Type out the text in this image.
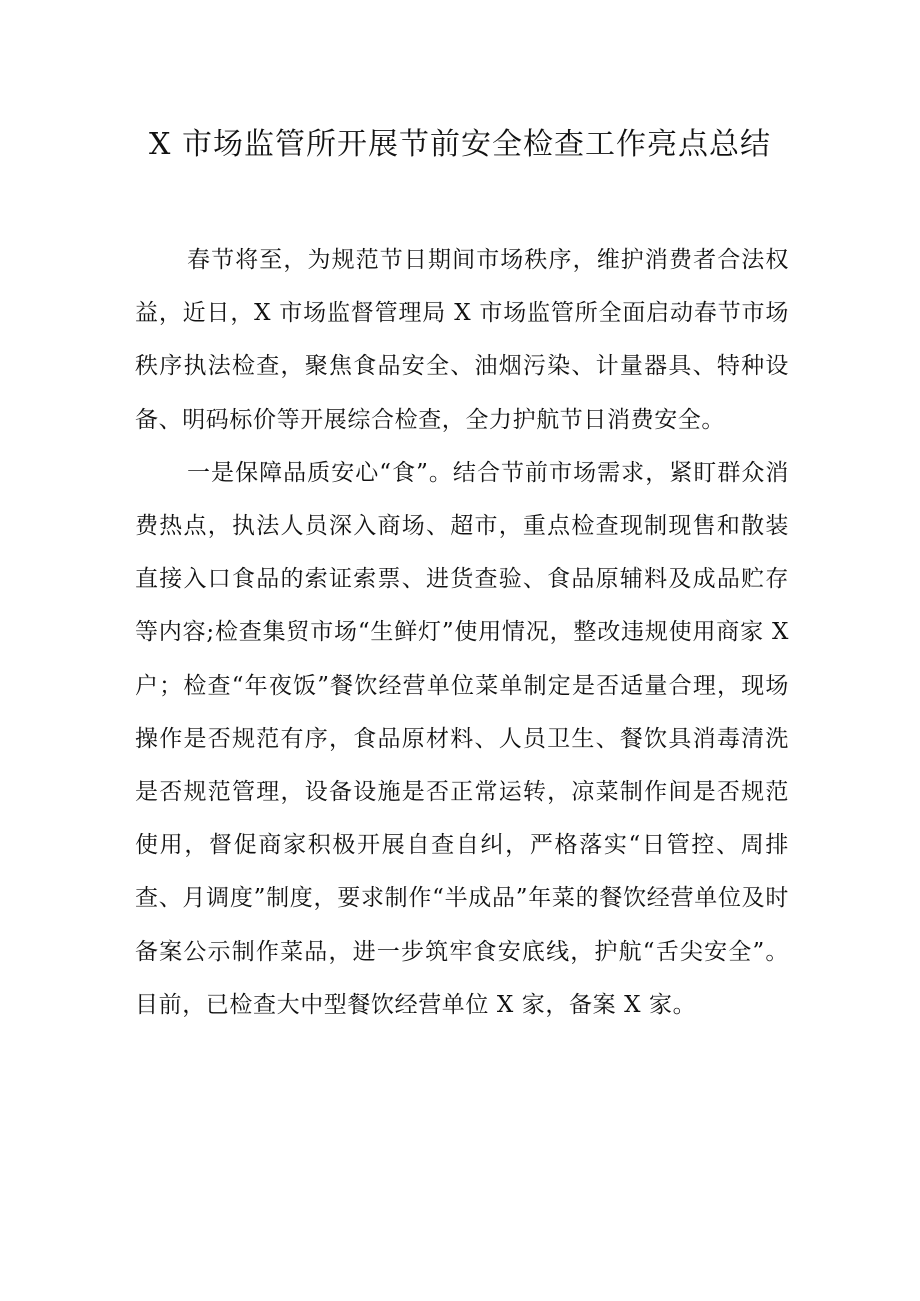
X 市场监管所开展节前安全检查工作亮点总结

春节将至，为规范节日期间市场秩序，维护消费者合法权益，近日，X 市场监督管理局 X 市场监管所全面启动春节市场秩序执法检查，聚焦食品安全、油烟污染、计量器具、特种设备、明码标价等开展综合检查，全力护航节日消费安全。

一是保障品质安心“食”。结合节前市场需求，紧盯群众消费热点，执法人员深入商场、超市，重点检查现制现售和散装直接入口食品的索证索票、进货查验、食品原辅料及成品贮存等内容;检查集贸市场“生鲜灯”使用情况，整改违规使用商家 X 户；检查“年夜饭”餐饮经营单位菜单制定是否适量合理，现场操作是否规范有序，食品原材料、人员卫生、餐饮具消毒清洗是否规范管理，设备设施是否正常运转，凉菜制作间是否规范使用，督促商家积极开展自查自纠，严格落实“日管控、周排查、月调度”制度，要求制作“半成品”年菜的餐饮经营单位及时备案公示制作菜品，进一步筑牢食安底线，护航“舌尖安全”。目前，已检查大中型餐饮经营单位 X 家，备案 X 家。
